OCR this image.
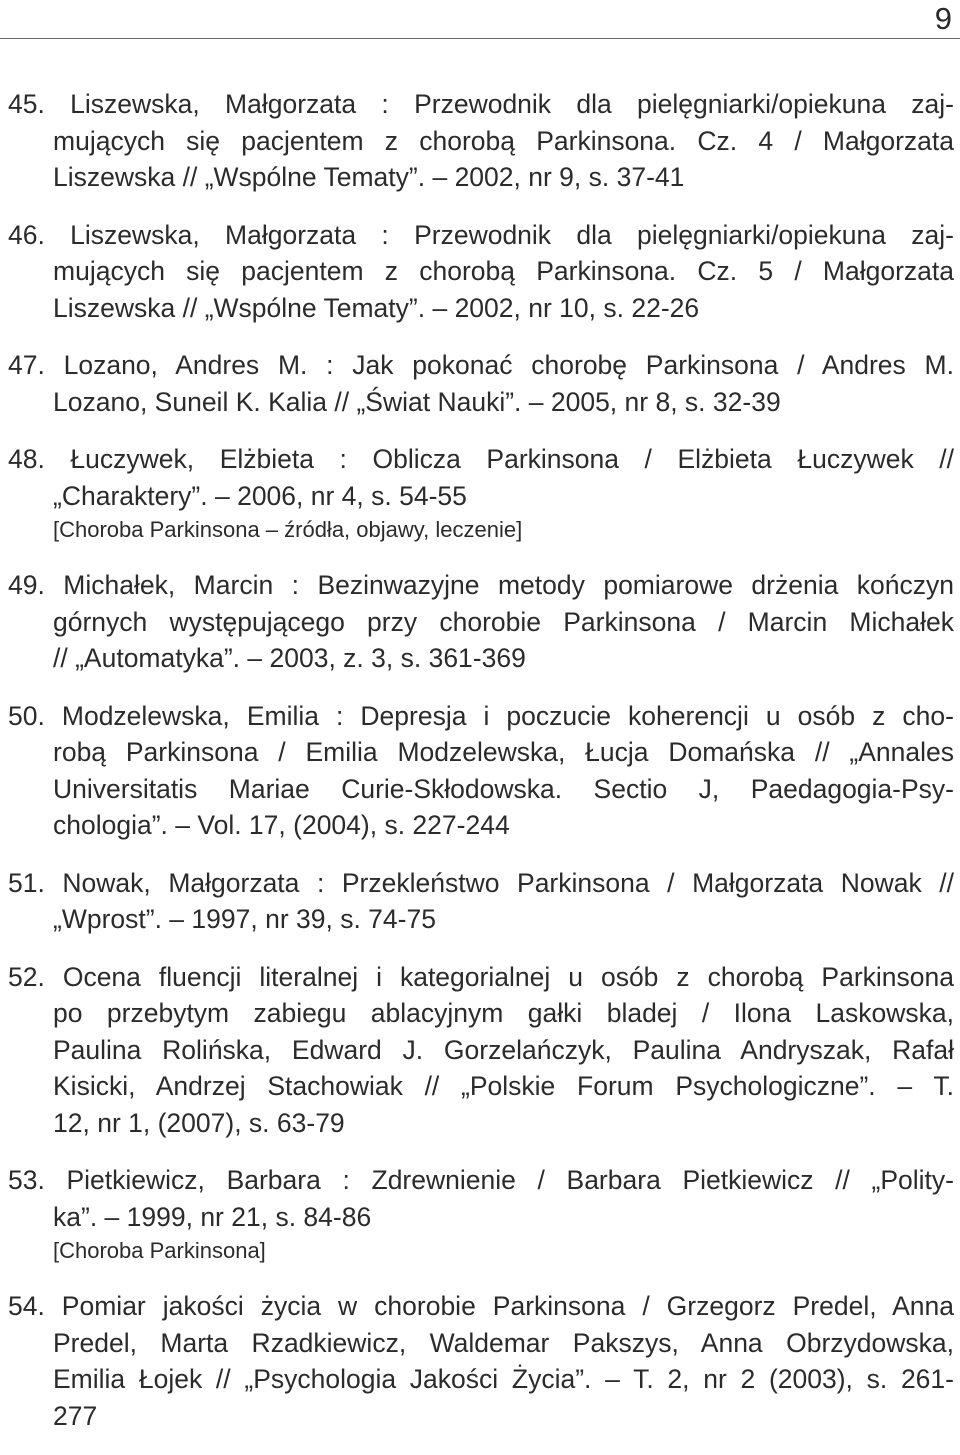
9
45. Liszewska, Małgorzata : Przewodnik dla pielęgniarki/opiekuna zaj-
mujących się pacjentem z chorobą Parkinsona. Cz. 4 / Małgorzata
Liszewska // „Wspólne Tematy”. – 2002, nr 9, s. 37-41
46. Liszewska, Małgorzata : Przewodnik dla pielęgniarki/opiekuna zaj-
mujących się pacjentem z chorobą Parkinsona. Cz. 5 / Małgorzata
Liszewska // „Wspólne Tematy”. – 2002, nr 10, s. 22-26
47. Lozano, Andres M. : Jak pokonać chorobę Parkinsona / Andres M.
Lozano, Suneil K. Kalia // „Świat Nauki”. – 2005, nr 8, s. 32-39
48. Łuczywek, Elżbieta : Oblicza Parkinsona / Elżbieta Łuczywek //
„Charaktery”. – 2006, nr 4, s. 54-55
[Choroba Parkinsona – źródła, objawy, leczenie]
49. Michałek, Marcin : Bezinwazyjne metody pomiarowe drżenia kończyn
górnych występującego przy chorobie Parkinsona / Marcin Michałek
// „Automatyka”. – 2003, z. 3, s. 361-369
50. Modzelewska, Emilia : Depresja i poczucie koherencji u osób z cho-
robą Parkinsona / Emilia Modzelewska, Łucja Domańska // „Annales
Universitatis Mariae Curie-Skłodowska. Sectio J, Paedagogia-Psy-
chologia”. – Vol. 17, (2004), s. 227-244
51. Nowak, Małgorzata : Przekleństwo Parkinsona / Małgorzata Nowak //
„Wprost”. – 1997, nr 39, s. 74-75
52. Ocena fluencji literalnej i kategorialnej u osób z chorobą Parkinsona
po przebytym zabiegu ablacyjnym gałki bladej / Ilona Laskowska,
Paulina Rolińska, Edward J. Gorzelańczyk, Paulina Andryszak, Rafał
Kisicki, Andrzej Stachowiak // „Polskie Forum Psychologiczne”. – T.
12, nr 1, (2007), s. 63-79
53. Pietkiewicz, Barbara : Zdrewnienie / Barbara Pietkiewicz // „Polity-
ka”. – 1999, nr 21, s. 84-86
[Choroba Parkinsona]
54. Pomiar jakości życia w chorobie Parkinsona / Grzegorz Predel, Anna
Predel, Marta Rzadkiewicz, Waldemar Pakszys, Anna Obrzydowska,
Emilia Łojek // „Psychologia Jakości Życia”. – T. 2, nr 2 (2003), s. 261-
277
